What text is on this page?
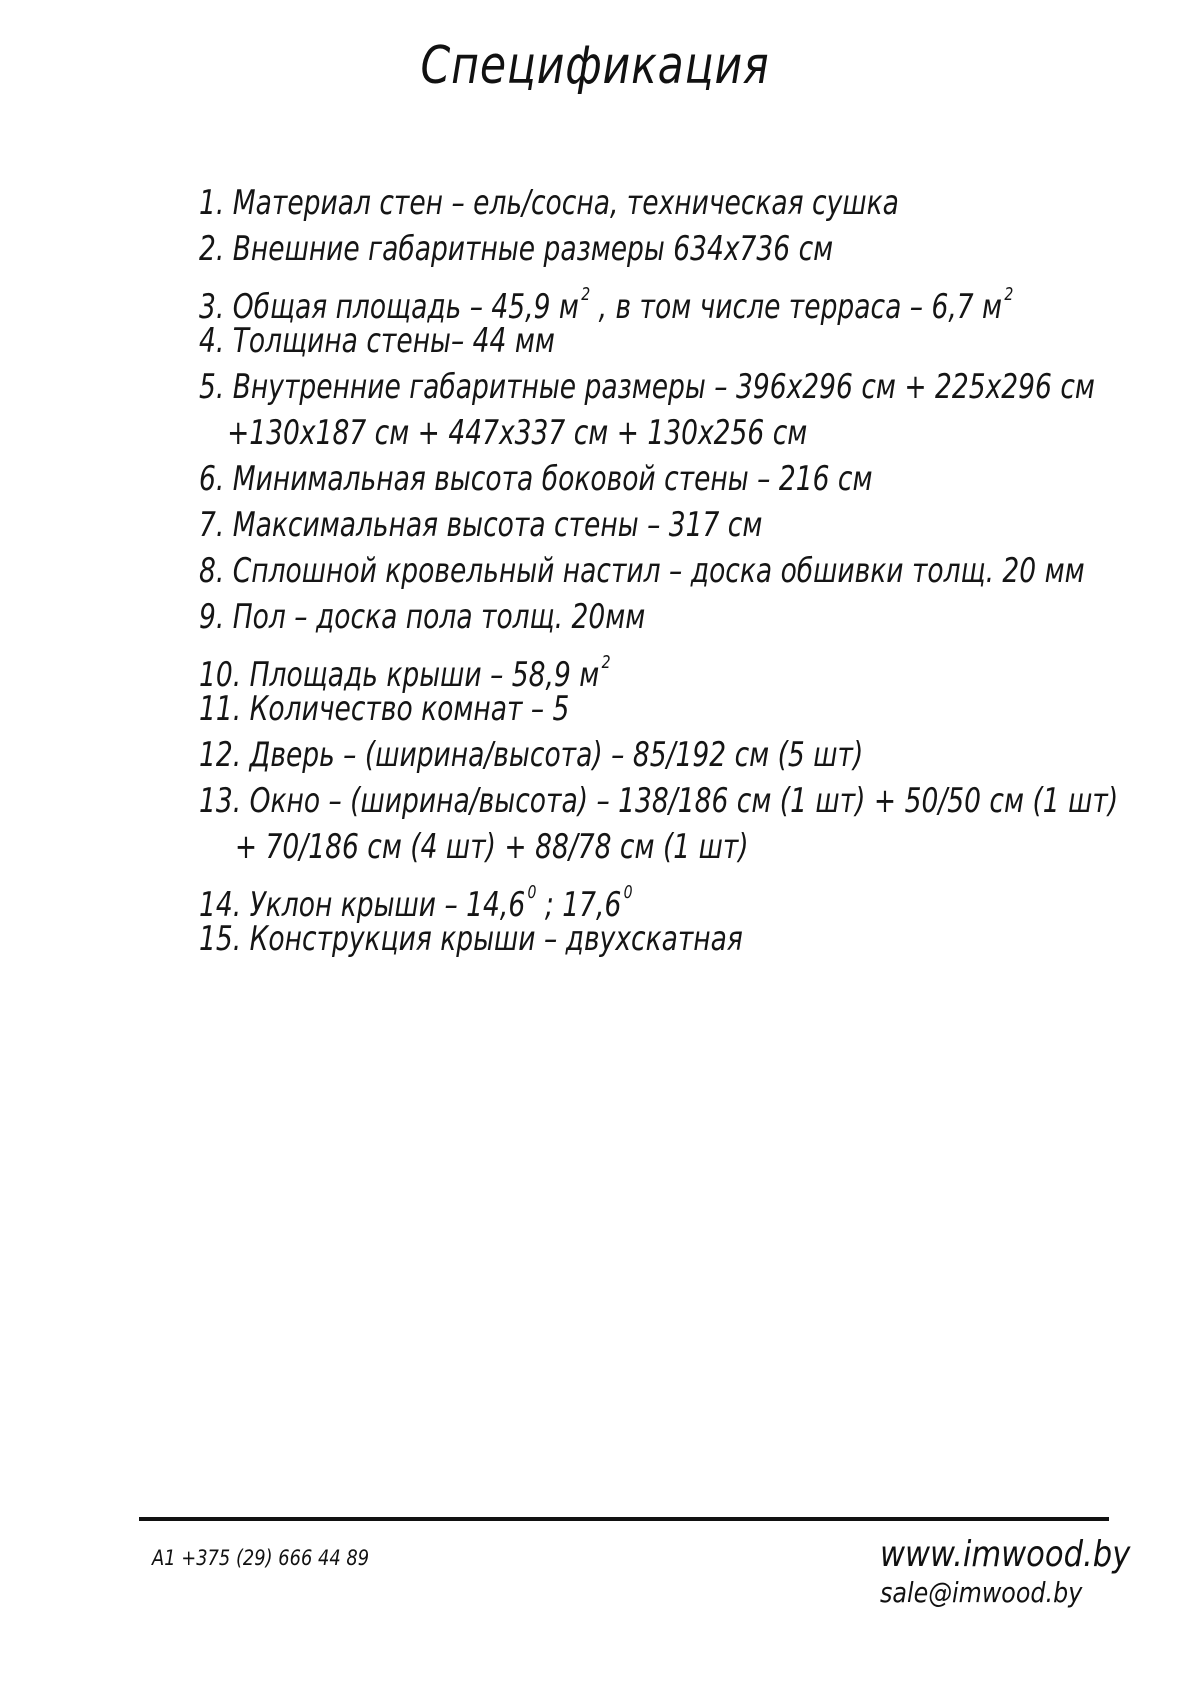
Спецификация
1. Материал стен – ель/сосна, техническая сушка
2. Внешние габаритные размеры 634х736 см
3. Общая площадь – 45,9 м $^2$ , в том числе терраса – 6,7 м $^2$
4. Толщина стены– 44 мм
5. Внутренние габаритные размеры – 396х296 см + 225х296 см
+130х187 см + 447х337 см + 130х256 см
6. Минимальная высота боковой стены – 216 см
7. Максимальная высота стены – 317 см
8. Сплошной кровельный настил – доска обшивки толщ. 20 мм
9. Пол – доска пола толщ. 20мм
10. Площадь крыши – 58,9 м $^2$
11. Количество комнат – 5
12. Дверь – (ширина/высота) – 85/192 см (5 шт)
13. Окно – (ширина/высота) – 138/186 см (1 шт) + 50/50 см (1 шт)
+ 70/186 см (4 шт) + 88/78 см (1 шт)
14. Уклон крыши – 14,6 $^0$ ; 17,6 $^0$
15. Конструкция крыши – двухскатная
A1 +375 (29) 666 44 89	www.imwood.by
sale@imwood.by
